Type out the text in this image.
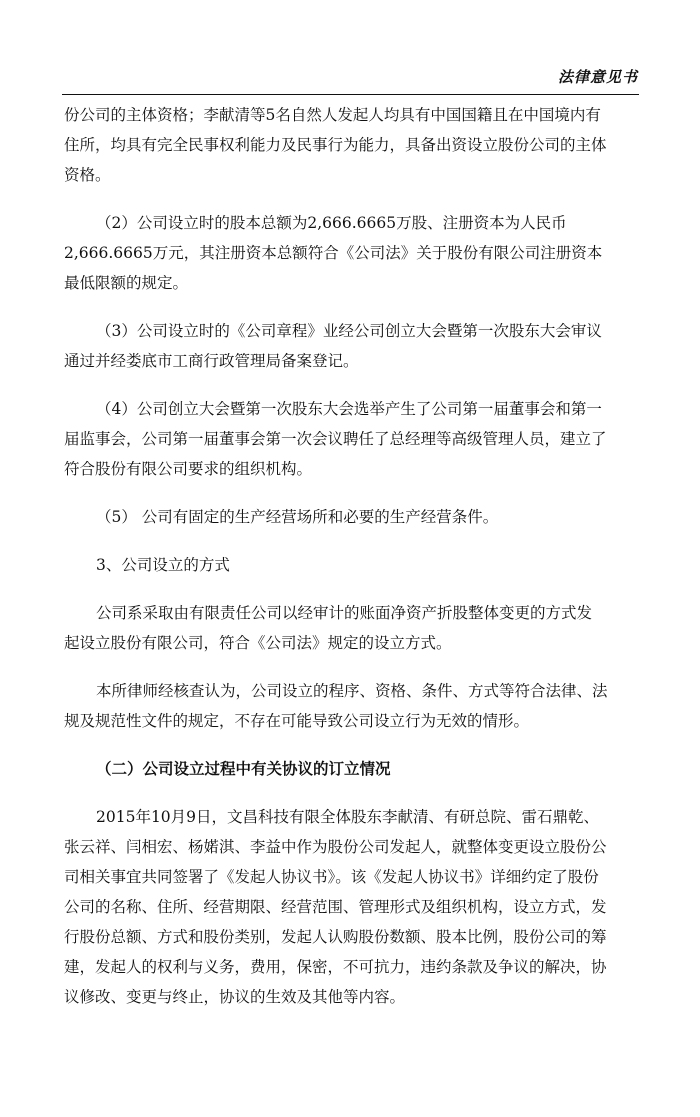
法律意见书
份公司的主体资格；李献清等5名自然人发起人均具有中国国籍且在中国境内有
住所，均具有完全民事权利能力及民事行为能力，具备出资设立股份公司的主体
资格。
（2）公司设立时的股本总额为2,666.6665万股、注册资本为人民币
2,666.6665万元，其注册资本总额符合《公司法》关于股份有限公司注册资本
最低限额的规定。
（3）公司设立时的《公司章程》业经公司创立大会暨第一次股东大会审议
通过并经娄底市工商行政管理局备案登记。
（4）公司创立大会暨第一次股东大会选举产生了公司第一届董事会和第一
届监事会，公司第一届董事会第一次会议聘任了总经理等高级管理人员，建立了
符合股份有限公司要求的组织机构。
（5） 公司有固定的生产经营场所和必要的生产经营条件。
3、公司设立的方式
公司系采取由有限责任公司以经审计的账面净资产折股整体变更的方式发
起设立股份有限公司，符合《公司法》规定的设立方式。
本所律师经核查认为，公司设立的程序、资格、条件、方式等符合法律、法
规及规范性文件的规定，不存在可能导致公司设立行为无效的情形。
（二）公司设立过程中有关协议的订立情况
2015年10月9日，文昌科技有限全体股东李献清、有研总院、雷石鼎乾、
张云祥、闫相宏、杨婼淇、李益中作为股份公司发起人，就整体变更设立股份公
司相关事宜共同签署了《发起人协议书》。该《发起人协议书》详细约定了股份
公司的名称、住所、经营期限、经营范围、管理形式及组织机构，设立方式，发
行股份总额、方式和股份类别，发起人认购股份数额、股本比例，股份公司的筹
建，发起人的权利与义务，费用，保密，不可抗力，违约条款及争议的解决，协
议修改、变更与终止，协议的生效及其他等内容。
